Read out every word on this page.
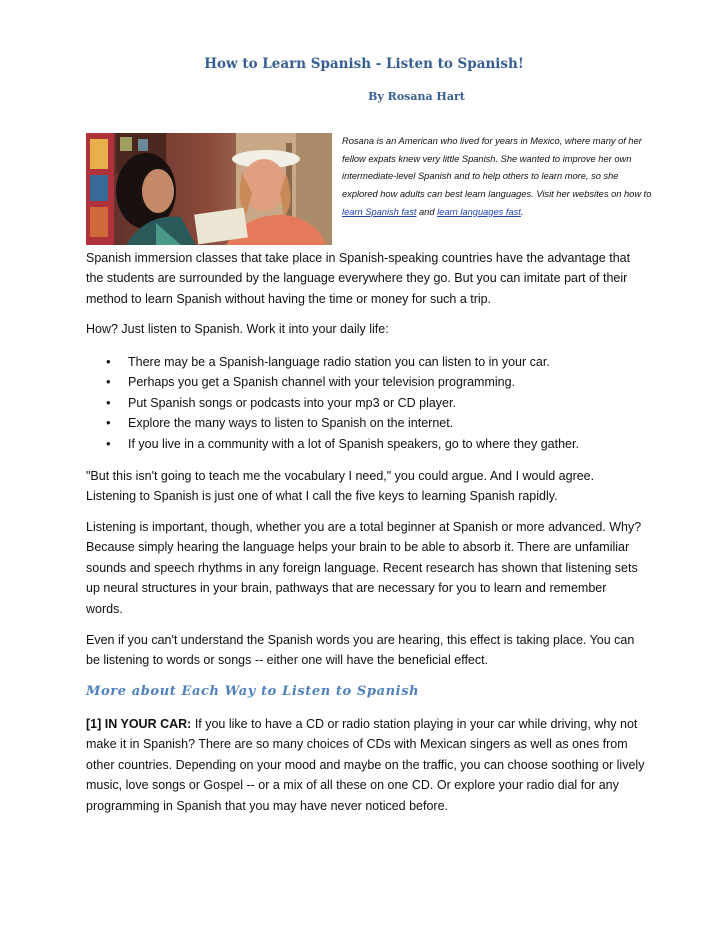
How to Learn Spanish - Listen to Spanish!
By Rosana Hart

Rosana is an American who lived for years in Mexico, where many of her fellow expats knew very little Spanish. She wanted to improve her own intermediate-level Spanish and to help others to learn more, so she explored how adults can best learn languages. Visit her websites on how to learn Spanish fast and learn languages fast.

Spanish immersion classes that take place in Spanish-speaking countries have the advantage that the students are surrounded by the language everywhere they go. But you can imitate part of their method to learn Spanish without having the time or money for such a trip.

How? Just listen to Spanish. Work it into your daily life:

• There may be a Spanish-language radio station you can listen to in your car.
• Perhaps you get a Spanish channel with your television programming.
• Put Spanish songs or podcasts into your mp3 or CD player.
• Explore the many ways to listen to Spanish on the internet.
• If you live in a community with a lot of Spanish speakers, go to where they gather.

"But this isn't going to teach me the vocabulary I need," you could argue. And I would agree. Listening to Spanish is just one of what I call the five keys to learning Spanish rapidly.

Listening is important, though, whether you are a total beginner at Spanish or more advanced. Why? Because simply hearing the language helps your brain to be able to absorb it. There are unfamiliar sounds and speech rhythms in any foreign language. Recent research has shown that listening sets up neural structures in your brain, pathways that are necessary for you to learn and remember words.

Even if you can't understand the Spanish words you are hearing, this effect is taking place. You can be listening to words or songs -- either one will have the beneficial effect.

More about Each Way to Listen to Spanish

[1] IN YOUR CAR: If you like to have a CD or radio station playing in your car while driving, why not make it in Spanish? There are so many choices of CDs with Mexican singers as well as ones from other countries. Depending on your mood and maybe on the traffic, you can choose soothing or lively music, love songs or Gospel -- or a mix of all these on one CD. Or explore your radio dial for any programming in Spanish that you may have never noticed before.
